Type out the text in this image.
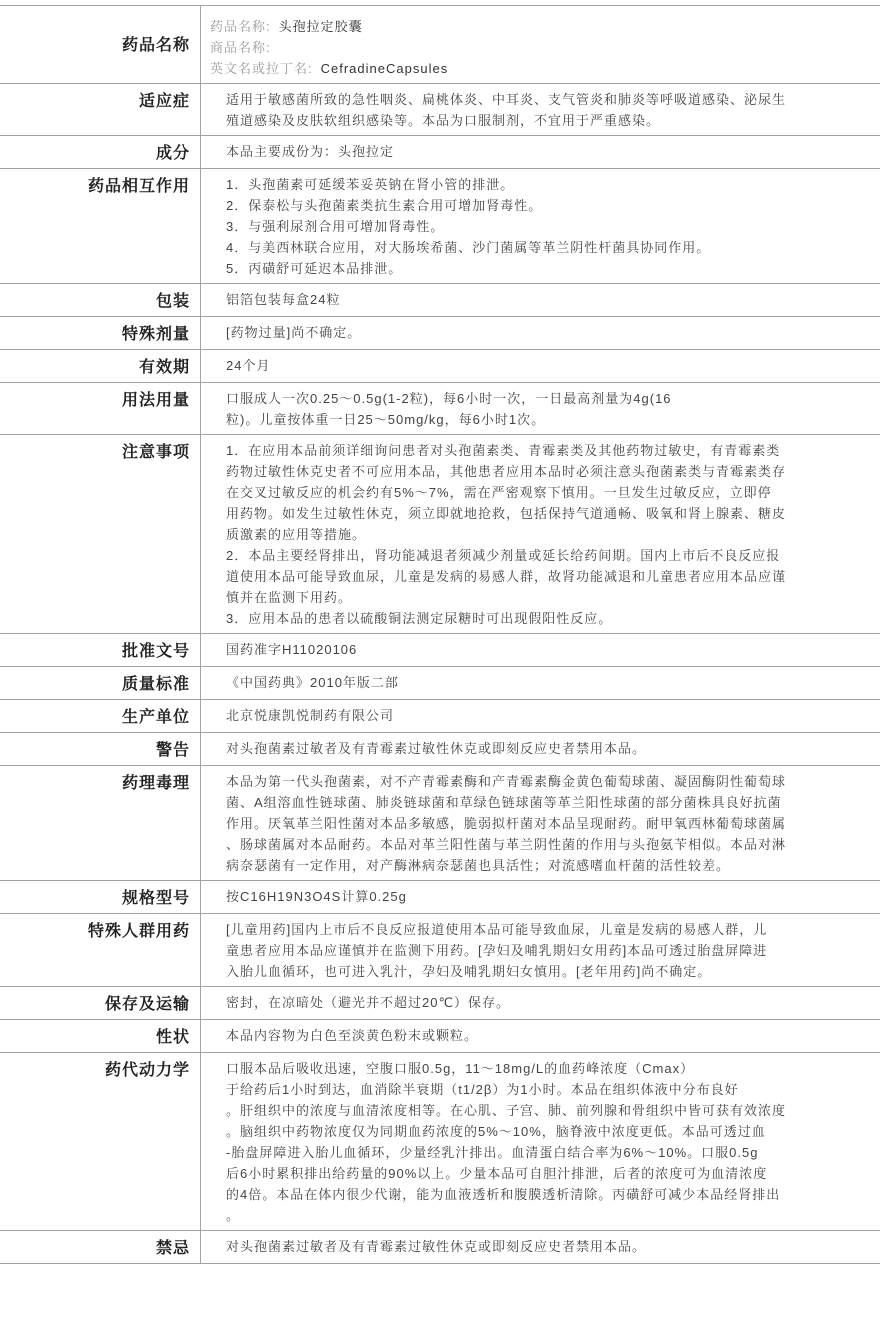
药品名称
药品名称: 头孢拉定胶囊
商品名称:
英文名或拉丁名: CefradineCapsules
适应症	适用于敏感菌所致的急性咽炎、扁桃体炎、中耳炎、支气管炎和肺炎等呼吸道感染、泌尿生
殖道感染及皮肤软组织感染等。本品为口服制剂，不宜用于严重感染。
成分	本品主要成份为：头孢拉定
药品相互作用	1．头孢菌素可延缓苯妥英钠在肾小管的排泄。
2．保泰松与头孢菌素类抗生素合用可增加肾毒性。
3．与强利尿剂合用可增加肾毒性。
4．与美西林联合应用，对大肠埃希菌、沙门菌属等革兰阴性杆菌具协同作用。
5．丙磺舒可延迟本品排泄。
包装	铝箔包装每盒24粒
特殊剂量	[药物过量]尚不确定。
有效期	24个月
用法用量	口服成人一次0.25～0.5g(1-2粒)，每6小时一次，一日最高剂量为4g(16
粒)。儿童按体重一日25～50mg/kg，每6小时1次。
注意事项	1．在应用本品前须详细询问患者对头孢菌素类、青霉素类及其他药物过敏史，有青霉素类
药物过敏性休克史者不可应用本品，其他患者应用本品时必须注意头孢菌素类与青霉素类存
在交叉过敏反应的机会约有5%～7%，需在严密观察下慎用。一旦发生过敏反应，立即停
用药物。如发生过敏性休克，须立即就地抢救，包括保持气道通畅、吸氧和肾上腺素、糖皮
质激素的应用等措施。
2．本品主要经肾排出，肾功能减退者须减少剂量或延长给药间期。国内上市后不良反应报
道使用本品可能导致血尿，儿童是发病的易感人群，故肾功能减退和儿童患者应用本品应谨
慎并在监测下用药。
3．应用本品的患者以硫酸铜法测定尿糖时可出现假阳性反应。
批准文号	国药准字H11020106
质量标准	《中国药典》2010年版二部
生产单位	北京悦康凯悦制药有限公司
警告	对头孢菌素过敏者及有青霉素过敏性休克或即刻反应史者禁用本品。
药理毒理	本品为第一代头孢菌素，对不产青霉素酶和产青霉素酶金黄色葡萄球菌、凝固酶阴性葡萄球
菌、A组溶血性链球菌、肺炎链球菌和草绿色链球菌等革兰阳性球菌的部分菌株具良好抗菌
作用。厌氧革兰阳性菌对本品多敏感，脆弱拟杆菌对本品呈现耐药。耐甲氧西林葡萄球菌属
、肠球菌属对本品耐药。本品对革兰阳性菌与革兰阴性菌的作用与头孢氨苄相似。本品对淋
病奈瑟菌有一定作用，对产酶淋病奈瑟菌也具活性；对流感嗜血杆菌的活性较差。
规格型号	按C16H19N3O4S计算0.25g
特殊人群用药	[儿童用药]国内上市后不良反应报道使用本品可能导致血尿，儿童是发病的易感人群，儿
童患者应用本品应谨慎并在监测下用药。[孕妇及哺乳期妇女用药]本品可透过胎盘屏障进
入胎儿血循环，也可进入乳汁，孕妇及哺乳期妇女慎用。[老年用药]尚不确定。
保存及运输	密封，在凉暗处（避光并不超过20℃）保存。
性状	本品内容物为白色至淡黄色粉末或颗粒。
药代动力学	口服本品后吸收迅速，空腹口服0.5g，11～18mg/L的血药峰浓度（Cmax）
于给药后1小时到达，血消除半衰期（t1/2β）为1小时。本品在组织体液中分布良好
。肝组织中的浓度与血清浓度相等。在心肌、子宫、肺、前列腺和骨组织中皆可获有效浓度
。脑组织中药物浓度仅为同期血药浓度的5%～10%，脑脊液中浓度更低。本品可透过血
-胎盘屏障进入胎儿血循环，少量经乳汁排出。血清蛋白结合率为6%～10%。口服0.5g
后6小时累积排出给药量的90%以上。少量本品可自胆汁排泄，后者的浓度可为血清浓度
的4倍。本品在体内很少代谢，能为血液透析和腹膜透析清除。丙磺舒可减少本品经肾排出
。
禁忌	对头孢菌素过敏者及有青霉素过敏性休克或即刻反应史者禁用本品。
